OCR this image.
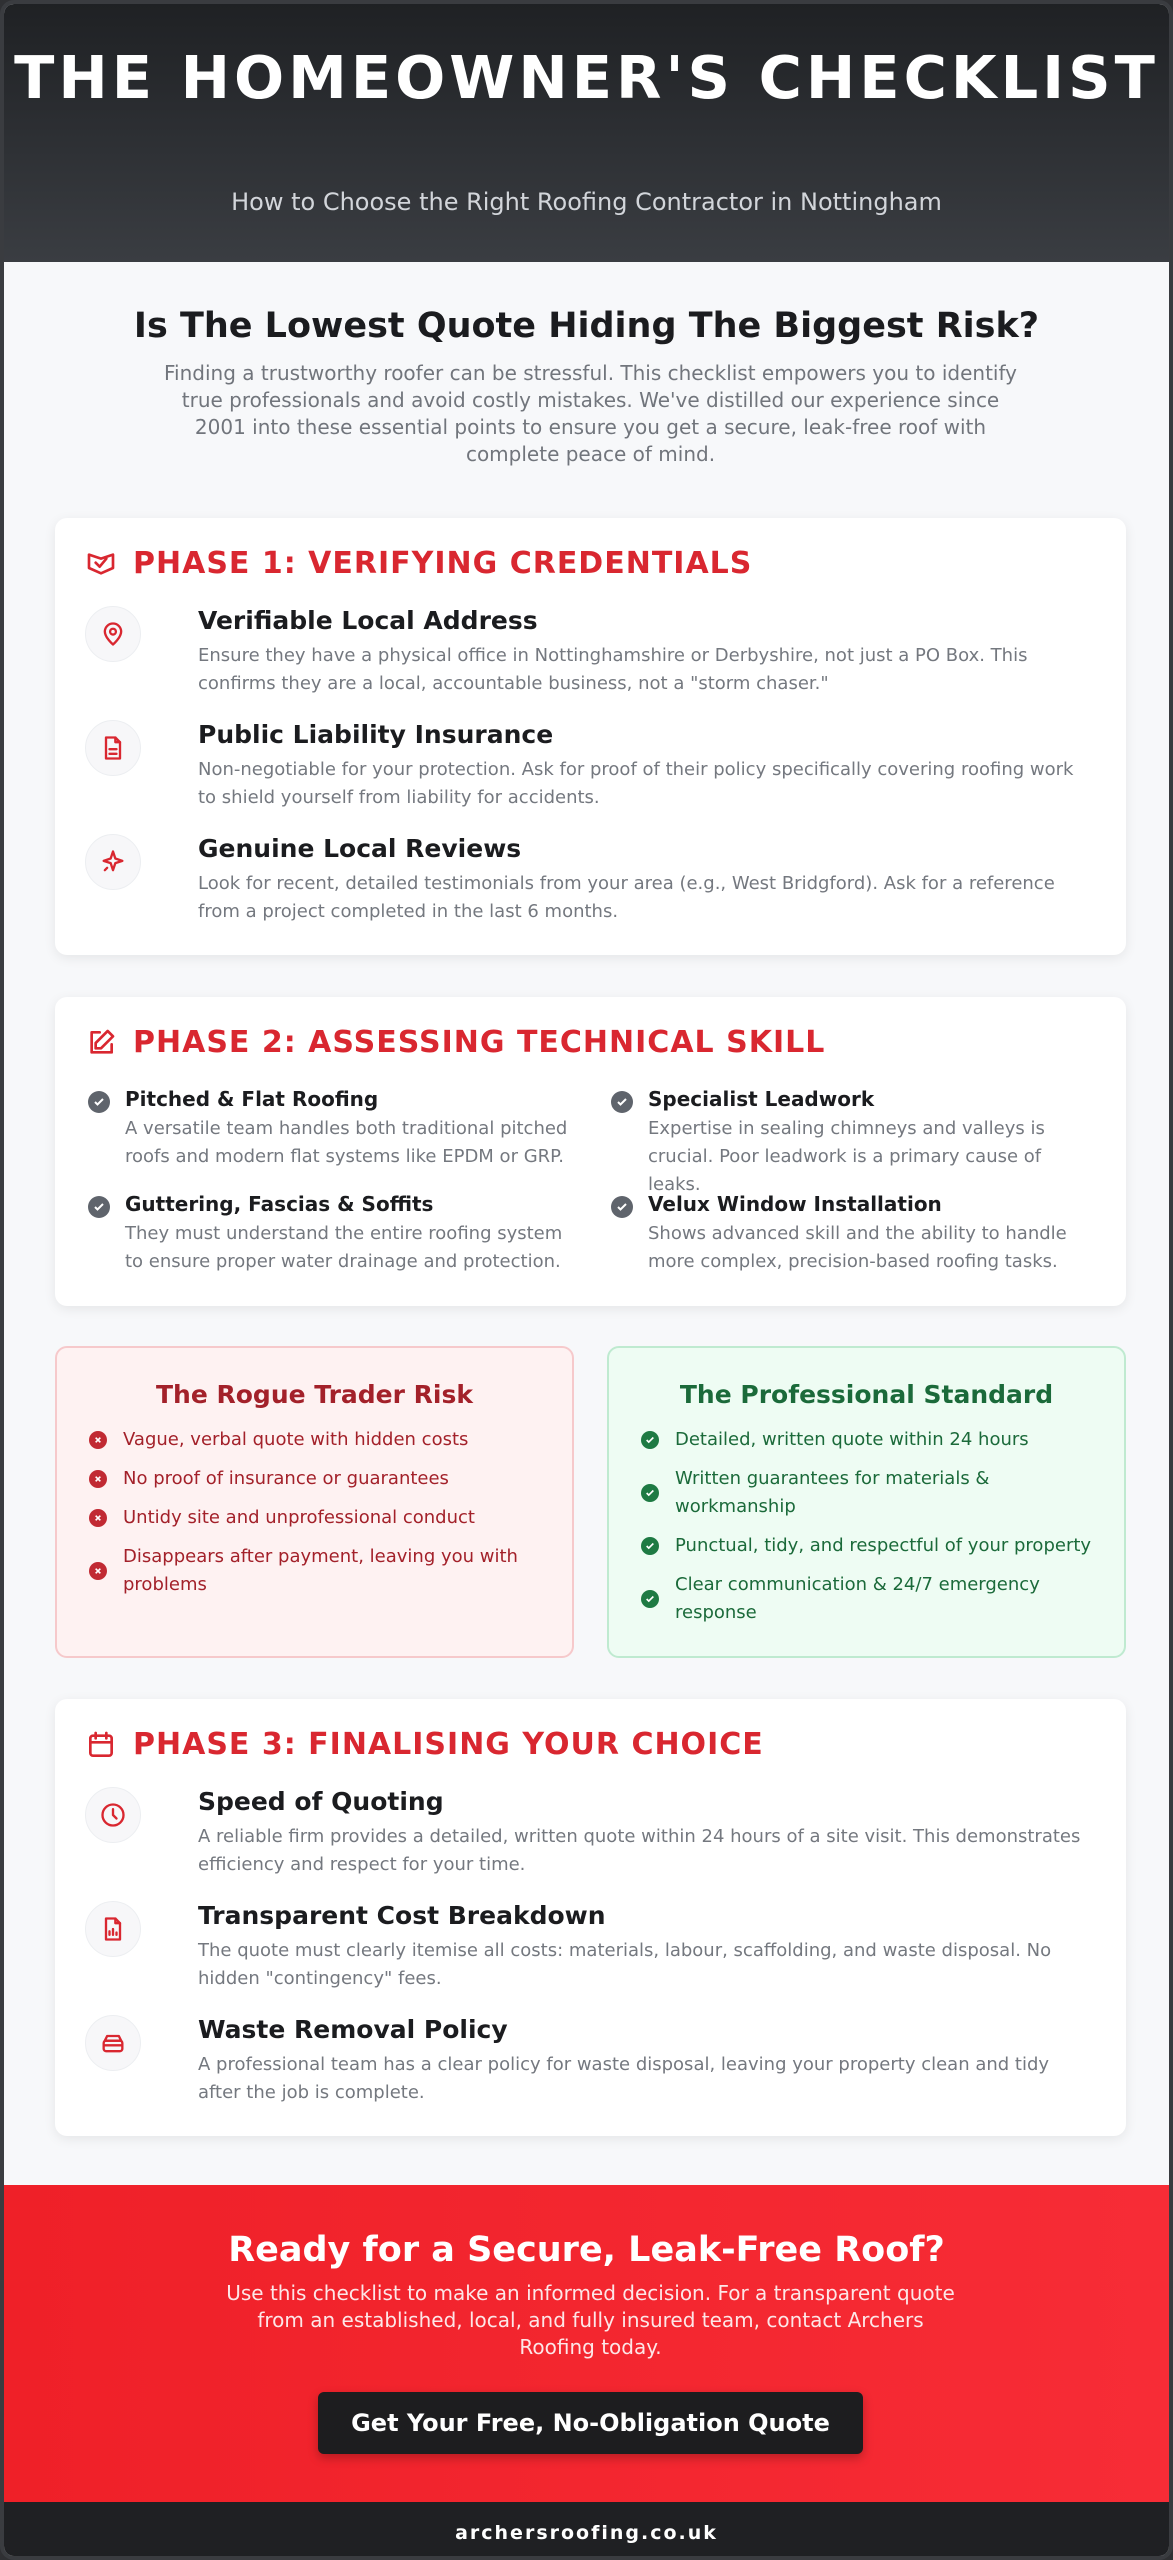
THE HOMEOWNER'S CHECKLIST
How to Choose the Right Roofing Contractor in Nottingham
Is The Lowest Quote Hiding The Biggest Risk?
Finding a trustworthy roofer can be stressful. This checklist empowers you to identify true professionals and avoid costly mistakes. We've distilled our experience since 2001 into these essential points to ensure you get a secure, leak-free roof with complete peace of mind.
PHASE 1: VERIFYING CREDENTIALS
Verifiable Local Address
Ensure they have a physical office in Nottinghamshire or Derbyshire, not just a PO Box. This confirms they are a local, accountable business, not a "storm chaser."
Public Liability Insurance
Non-negotiable for your protection. Ask for proof of their policy specifically covering roofing work to shield yourself from liability for accidents.
Genuine Local Reviews
Look for recent, detailed testimonials from your area (e.g., West Bridgford). Ask for a reference from a project completed in the last 6 months.
PHASE 2: ASSESSING TECHNICAL SKILL
Pitched & Flat Roofing
A versatile team handles both traditional pitched roofs and modern flat systems like EPDM or GRP.
Specialist Leadwork
Expertise in sealing chimneys and valleys is crucial. Poor leadwork is a primary cause of leaks.
Guttering, Fascias & Soffits
They must understand the entire roofing system to ensure proper water drainage and protection.
Velux Window Installation
Shows advanced skill and the ability to handle more complex, precision-based roofing tasks.
The Rogue Trader Risk
Vague, verbal quote with hidden costs
No proof of insurance or guarantees
Untidy site and unprofessional conduct
Disappears after payment, leaving you with problems
The Professional Standard
Detailed, written quote within 24 hours
Written guarantees for materials & workmanship
Punctual, tidy, and respectful of your property
Clear communication & 24/7 emergency response
PHASE 3: FINALISING YOUR CHOICE
Speed of Quoting
A reliable firm provides a detailed, written quote within 24 hours of a site visit. This demonstrates efficiency and respect for your time.
Transparent Cost Breakdown
The quote must clearly itemise all costs: materials, labour, scaffolding, and waste disposal. No hidden "contingency" fees.
Waste Removal Policy
A professional team has a clear policy for waste disposal, leaving your property clean and tidy after the job is complete.
Ready for a Secure, Leak-Free Roof?
Use this checklist to make an informed decision. For a transparent quote from an established, local, and fully insured team, contact Archers Roofing today.
Get Your Free, No-Obligation Quote
archersroofing.co.uk
